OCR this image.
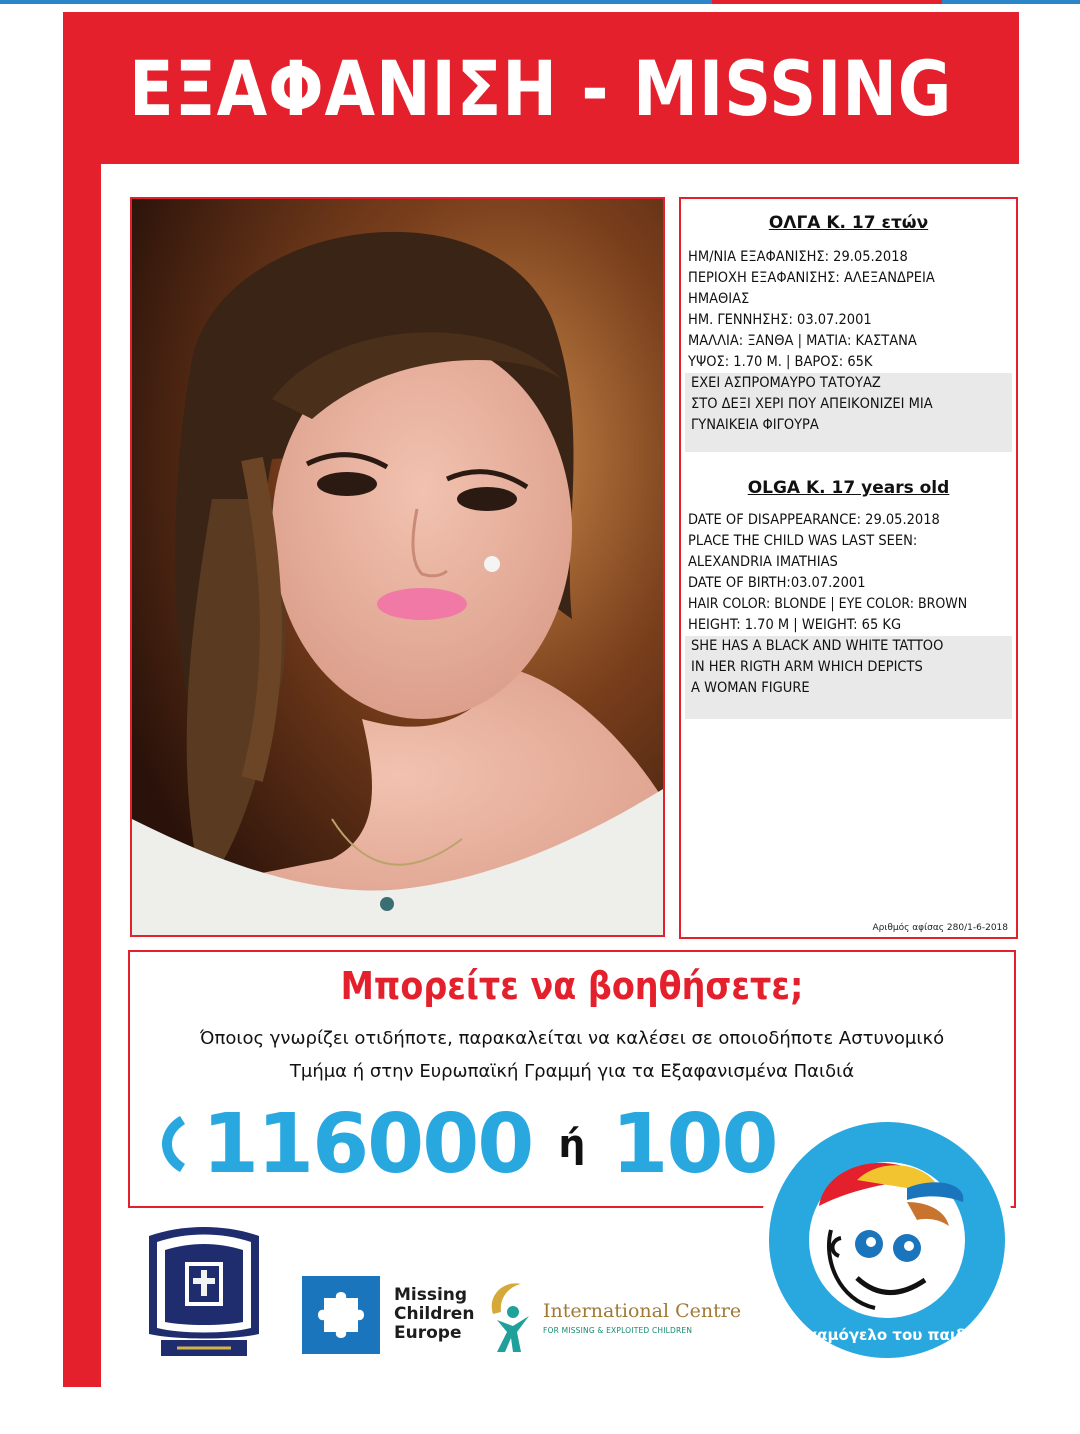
ΕΞΑΦΑΝΙΣΗ - MISSING
ΟΛΓΑ Κ. 17 ετών
ΗΜ/ΝΙΑ ΕΞΑΦΑΝΙΣΗΣ: 29.05.2018
ΠΕΡΙΟΧΗ ΕΞΑΦΑΝΙΣΗΣ: ΑΛΕΞΑΝΔΡΕΙΑ
ΗΜΑΘΙΑΣ
ΗΜ. ΓΕΝΝΗΣΗΣ: 03.07.2001
ΜΑΛΛΙΑ: ΞΑΝΘΑ | ΜΑΤΙΑ: ΚΑΣΤΑΝΑ
ΥΨΟΣ: 1.70 Μ. | ΒΑΡΟΣ: 65Κ
ΕΧΕΙ ΑΣΠΡΟΜΑΥΡΟ ΤΑΤΟΥΑΖ
ΣΤΟ ΔΕΞΙ ΧΕΡΙ ΠΟΥ ΑΠΕΙΚΟΝΙΖΕΙ ΜΙΑ
ΓΥΝΑΙΚΕΙΑ ΦΙΓΟΥΡΑ
OLGA K. 17 years old
DATE OF DISAPPEARANCE: 29.05.2018
PLACE THE CHILD WAS LAST SEEN:
ALEXANDRIA IMATHIAS
DATE OF BIRTH:03.07.2001
HAIR COLOR: BLONDE | EYE COLOR: BROWN
HEIGHT: 1.70 M | WEIGHT: 65 KG
SHE HAS A BLACK AND WHITE TATTOO
IN HER RIGTH ARM WHICH DEPICTS
A WOMAN FIGURE
Αριθμός αφίσας 280/1-6-2018
Μπορείτε να βοηθήσετε;
Όποιος γνωρίζει οτιδήποτε, παρακαλείται να καλέσει σε οποιοδήποτε Αστυνομικό
Τμήμα ή στην Ευρωπαϊκή Γραμμή για τα Εξαφανισμένα Παιδιά
116000 ή 100
Missing
Children
Europe
International Centre
FOR MISSING & EXPLOITED CHILDREN	Το χαμόγελο του παιδιού
